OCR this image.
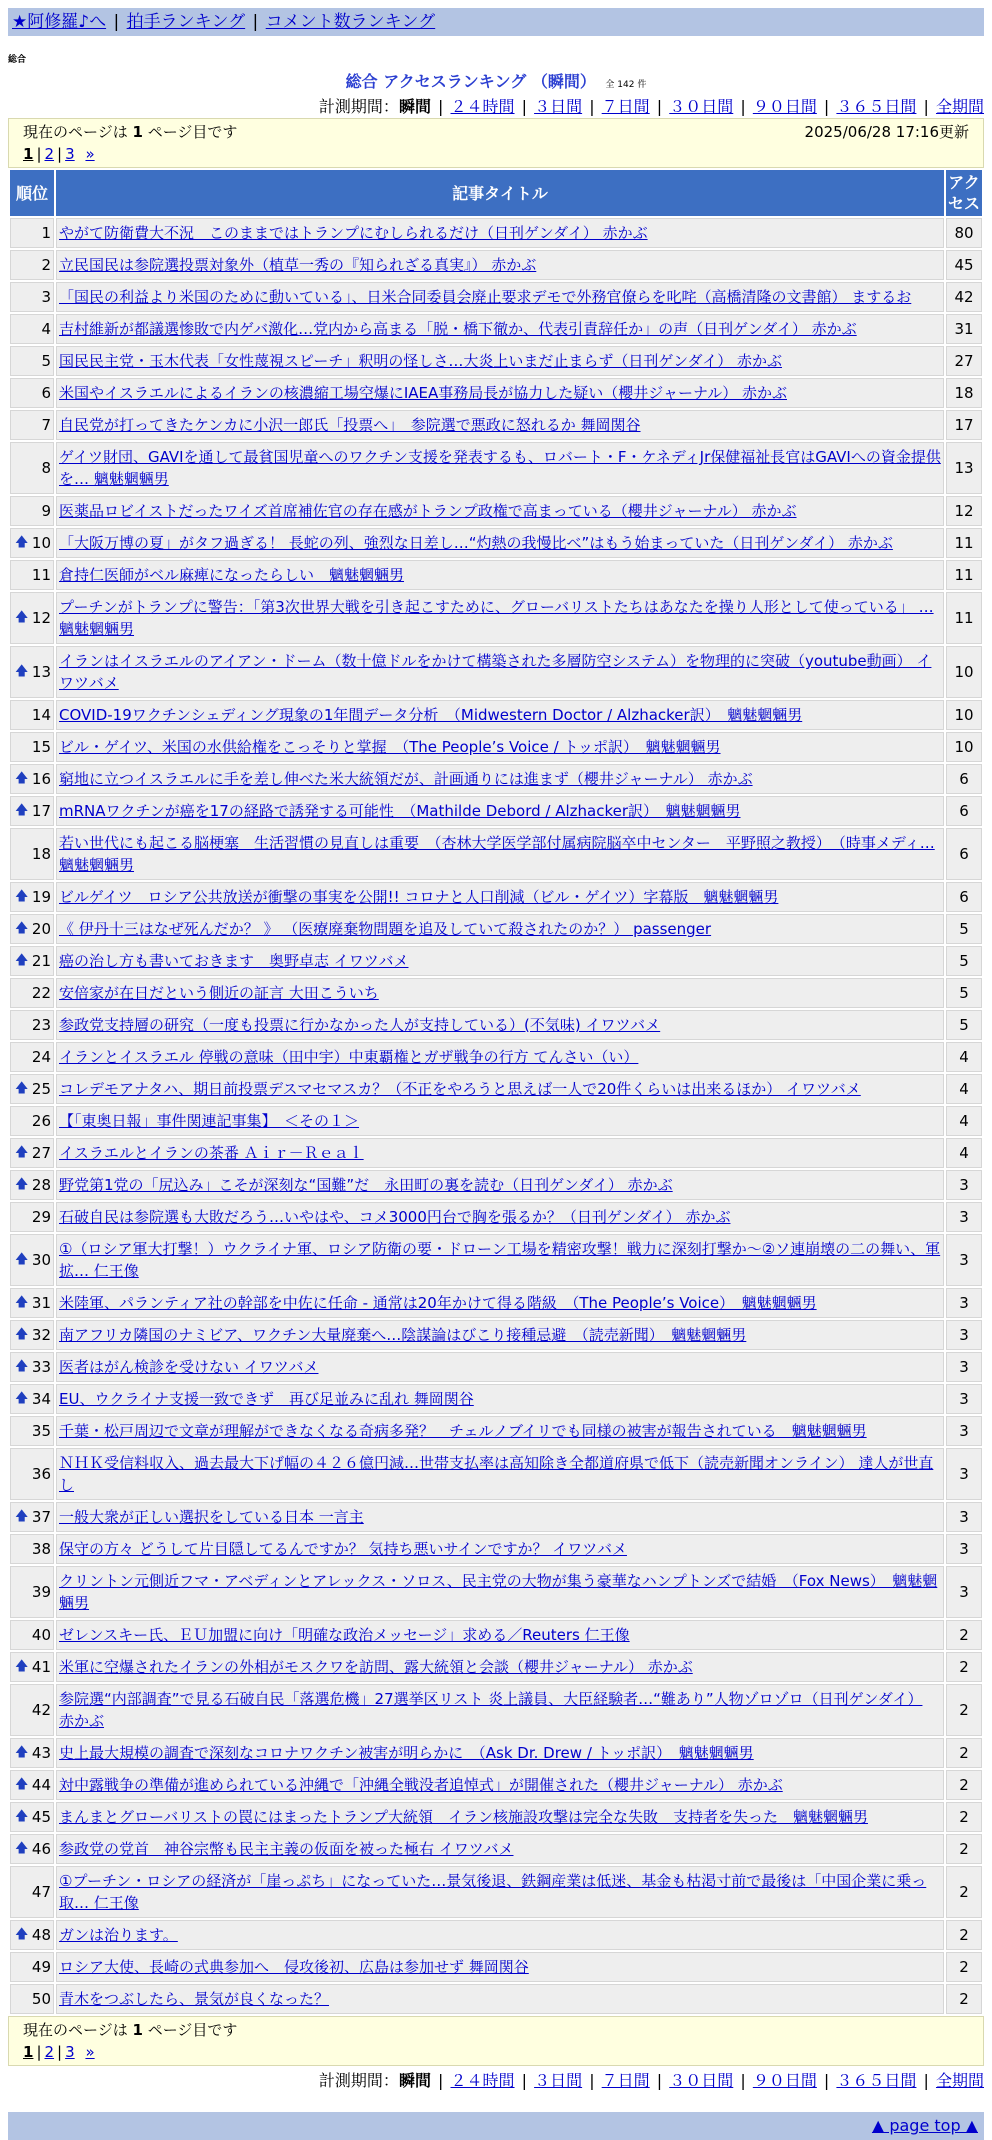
★阿修羅♪へ | 拍手ランキング | コメント数ランキング
総合
総合 アクセスランキング （瞬間） 全 142 件
計測期間：瞬間 | ２４時間 | ３日間 | ７日間 | ３０日間 | ９０日間 | ３６５日間 | 全期間
現在のページは 1 ページ目です	2025/06/28 17:16更新
1 | 2 | 3 »
順位	記事タイトル	アクセス
1	やがて防衛費大不況　このままではトランプにむしられるだけ（日刊ゲンダイ） 赤かぶ	80
2	立民国民は参院選投票対象外（植草一秀の『知られざる真実』） 赤かぶ	45
3	「国民の利益より米国のために動いている」、日米合同委員会廃止要求デモで外務官僚らを叱咤（高橋清隆の文書館） まするお	42
4	吉村維新が都議選惨敗で内ゲバ激化…党内から高まる「脱・橋下徹か、代表引責辞任か」の声（日刊ゲンダイ） 赤かぶ	31
5	国民民主党・玉木代表「女性蔑視スピーチ」釈明の怪しさ…大炎上いまだ止まらず（日刊ゲンダイ） 赤かぶ	27
6	米国やイスラエルによるイランの核濃縮工場空爆にIAEA事務局長が協力した疑い（櫻井ジャーナル） 赤かぶ	18
7	自民党が打ってきたケンカに小沢一郎氏「投票へ」　参院選で悪政に怒れるか 舞岡関谷	17
8	ゲイツ財団、GAVIを通して最貧国児童へのワクチン支援を発表するも、ロバート・F・ケネディJr保健福祉長官はGAVIへの資金提供を… 魑魅魍魎男	13
9	医薬品ロビイストだったワイズ首席補佐官の存在感がトランプ政権で高まっている（櫻井ジャーナル） 赤かぶ	12

🡅 10	「大阪万博の夏」がタフ過ぎる！ 長蛇の列、強烈な日差し…“灼熱の我慢比べ”はもう始まっていた（日刊ゲンダイ） 赤かぶ	11
11	倉持仁医師がベル麻痺になったらしい　魑魅魍魎男	11

🡅 12	プーチンがトランプに警告：「第3次世界大戦を引き起こすために、グローバリストたちはあなたを操り人形として使っている」 … 魑魅魍魎男	11

🡅 13	イランはイスラエルのアイアン・ドーム（数十億ドルをかけて構築された多層防空システム）を物理的に突破（youtube動画） イワツバメ	10
14	COVID-19ワクチンシェディング現象の1年間データ分析　（Midwestern Doctor / Alzhacker訳）　魑魅魍魎男	10
15	ビル・ゲイツ、米国の水供給権をこっそりと掌握　（The People’s Voice / トッポ訳）　魑魅魍魎男	10

🡅 16	窮地に立つイスラエルに手を差し伸べた米大統領だが、計画通りには進まず（櫻井ジャーナル） 赤かぶ	6

🡅 17	mRNAワクチンが癌を17の経路で誘発する可能性　（Mathilde Debord / Alzhacker訳）　魑魅魍魎男	6
18	若い世代にも起こる脳梗塞　生活習慣の見直しは重要　（杏林大学医学部付属病院脳卒中センター　平野照之教授）　（時事メディ… 魑魅魍魎男	6

🡅 19	ビルゲイツ　ロシア公共放送が衝撃の事実を公開!! コロナと人口削減（ビル・ゲイツ）字幕版　魑魅魍魎男	6

🡅 20	《 伊丹十三はなぜ死んだか？ 》 （医療廃棄物問題を追及していて殺されたのか？） passenger	5

🡅 21	癌の治し方も書いておきます　奥野卓志 イワツバメ	5
22	安倍家が在日だという側近の証言 大田こういち	5
23	参政党支持層の研究（一度も投票に行かなかった人が支持している）(不気味) イワツバメ	5
24	イランとイスラエル 停戦の意味（田中宇）中東覇権とガザ戦争の行方 てんさい（い）	4

🡅 25	コレデモアナタハ、期日前投票デスマセマスカ？（不正をやろうと思えば一人で20件くらいは出来るほか） イワツバメ	4
26	【「東奥日報」事件関連記事集】　＜その１＞	4

🡅 27	イスラエルとイランの茶番 Ａｉｒ－Ｒｅａｌ	4

🡅 28	野党第1党の「尻込み」こそが深刻な“国難”だ　永田町の裏を読む（日刊ゲンダイ） 赤かぶ	3
29	石破自民は参院選も大敗だろう…いやはや、コメ3000円台で胸を張るか？（日刊ゲンダイ） 赤かぶ	3

🡅 30	①（ロシア軍大打撃！）ウクライナ軍、ロシア防衛の要・ドローン工場を精密攻撃！戦力に深刻打撃か～②ソ連崩壊の二の舞い、軍拡… 仁王像	3

🡅 31	米陸軍、パランティア社の幹部を中佐に任命 - 通常は20年かけて得る階級　（The People’s Voice）　魑魅魍魎男	3

🡅 32	南アフリカ隣国のナミビア、ワクチン大量廃棄へ…陰謀論はびこり接種忌避　（読売新聞）　魑魅魍魎男	3

🡅 33	医者はがん検診を受けない イワツバメ	3

🡅 34	EU、ウクライナ支援一致できず　再び足並みに乱れ 舞岡関谷	3
35	千葉・松戸周辺で文章が理解ができなくなる奇病多発？　チェルノブイリでも同様の被害が報告されている　魑魅魍魎男	3
36	ＮＨＫ受信料収入、過去最大下げ幅の４２６億円減…世帯支払率は高知除き全都道府県で低下（読売新聞オンライン） 達人が世直し	3

🡅 37	一般大衆が正しい選択をしている日本 一言主	3
38	保守の方々 どうして片目隠してるんですか？ 気持ち悪いサインですか？ イワツバメ	3
39	クリントン元側近フマ・アベディンとアレックス・ソロス、民主党の大物が集う豪華なハンプトンズで結婚　（Fox News）　魑魅魍魎男	3
40	ゼレンスキー氏、ＥＵ加盟に向け「明確な政治メッセージ」求める／Reuters 仁王像	2

🡅 41	米軍に空爆されたイランの外相がモスクワを訪問、露大統領と会談（櫻井ジャーナル） 赤かぶ	2
42	参院選“内部調査”で見る石破自民「落選危機」27選挙区リスト 炎上議員、大臣経験者…“難あり”人物ゾロゾロ（日刊ゲンダイ） 赤かぶ	2

🡅 43	史上最大規模の調査で深刻なコロナワクチン被害が明らかに　（Ask Dr. Drew / トッポ訳）　魑魅魍魎男	2

🡅 44	対中露戦争の準備が進められている沖縄で「沖縄全戦没者追悼式」が開催された（櫻井ジャーナル） 赤かぶ	2

🡅 45	まんまとグローバリストの罠にはまったトランプ大統領　イラン核施設攻撃は完全な失敗　支持者を失った　魑魅魍魎男	2

🡅 46	参政党の党首　神谷宗幣も民主主義の仮面を被った極右 イワツバメ	2
47	①プーチン・ロシアの経済が「崖っぷち」になっていた…景気後退、鉄鋼産業は低迷、基金も枯渇寸前で最後は「中国企業に乗っ取… 仁王像	2

🡅 48	ガンは治ります。	2
49	ロシア大使、長崎の式典参加へ　侵攻後初、広島は参加せず 舞岡関谷	2
50	青木をつぶしたら、景気が良くなった？	2
現在のページは 1 ページ目です
1 | 2 | 3 »
計測期間：瞬間 | ２４時間 | ３日間 | ７日間 | ３０日間 | ９０日間 | ３６５日間 | 全期間
▲ page top ▲
